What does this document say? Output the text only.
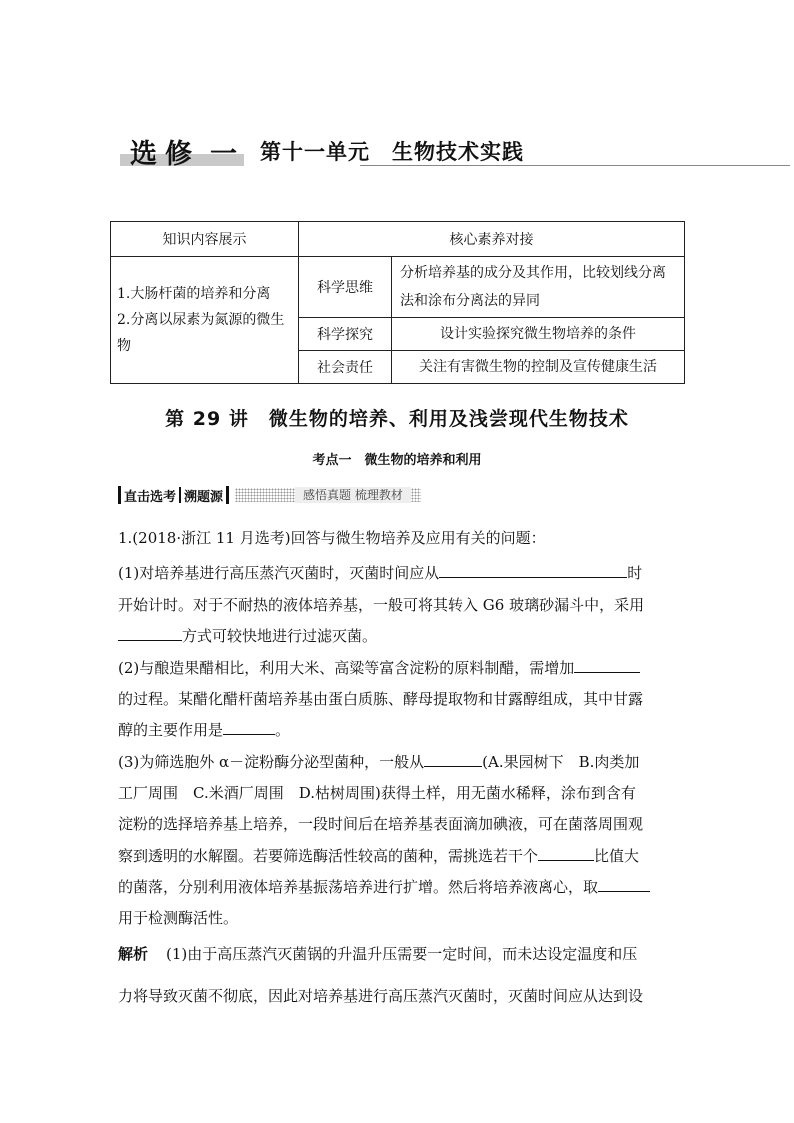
选修 一 第十一单元　生物技术实践
知识内容展示	核心素养对接	

1.大肠杆菌的培养和分离
2.分离以尿素为氮源的微生物	科学思维	分析培养基的成分及其作用，比较划线分离法和涂布分离法的异同
	科学探究	设计实验探究微生物培养的条件
	社会责任	关注有害微生物的控制及宣传健康生活
第 29 讲　微生物的培养、利用及浅尝现代生物技术
考点一　微生物的培养和利用
直击选考 溯题源	感悟真题 梳理教材
1.(2018·浙江 11 月选考)回答与微生物培养及应用有关的问题：
(1)对培养基进行高压蒸汽灭菌时，灭菌时间应从	时
开始计时。对于不耐热的液体培养基，一般可将其转入 G6 玻璃砂漏斗中，采用
方式可较快地进行过滤灭菌。
(2)与酿造果醋相比，利用大米、高粱等富含淀粉的原料制醋，需增加
的过程。某醋化醋杆菌培养基由蛋白质胨、酵母提取物和甘露醇组成，其中甘露
醇的主要作用是	。
(3)为筛选胞外 α－淀粉酶分泌型菌种，一般从	(A.果园树下　B.肉类加
工厂周围　C.米酒厂周围　D.枯树周围)获得土样，用无菌水稀释，涂布到含有
淀粉的选择培养基上培养，一段时间后在培养基表面滴加碘液，可在菌落周围观
察到透明的水解圈。若要筛选酶活性较高的菌种，需挑选若干个	比值大
的菌落，分别利用液体培养基振荡培养进行扩增。然后将培养液离心，取
用于检测酶活性。
解析 (1)由于高压蒸汽灭菌锅的升温升压需要一定时间，而未达设定温度和压
力将导致灭菌不彻底，因此对培养基进行高压蒸汽灭菌时，灭菌时间应从达到设
